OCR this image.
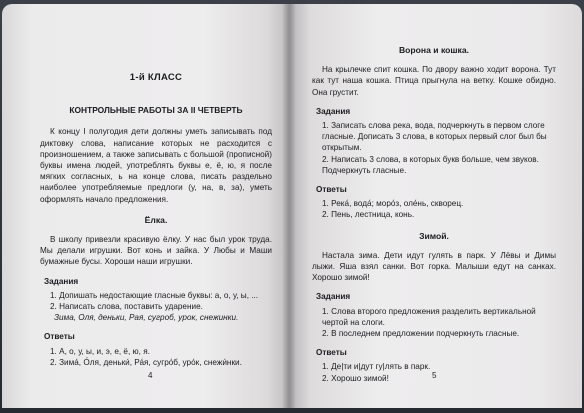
1-й КЛАСС
КОНТРОЛЬНЫЕ РАБОТЫ ЗА II ЧЕТВЕРТЬ

К концу I полугодия дети должны уметь записывать под диктовку слова, написание которых не расходится с произношением, а также записывать с большой (прописной) буквы имена людей, употреблять буквы е, ё, ю, я после мягких согласных, ь на конце слова, писать раздельно наиболее употребляемые предлоги (у, на, в, за), уметь оформлять начало предложения.

Ёлка.

В школу привезли красивую ёлку. У нас был урок труда. Мы делали игрушки. Вот конь и зайка. У Любы и Маши бумажные бусы. Хороши наши игрушки.

Задания
1. Допишать недостающие гласные буквы: а, о, у, ы, ...
2. Написать слова, поставить ударение.
Зима, Оля, деньки, Рая, сугроб, урок, снежинки.
Ответы
1. А, о, у, ы, и, э, е, ё, ю, я.
2. Зима́, О́ля, деньки́, Ра́я, сугро́б, уро́к, снежи́нки.
4
Ворона и кошка.

На крылечке спит кошка. По двору важно ходит ворона. Тут как тут наша кошка. Птица прыгнула на ветку. Кошке обидно. Она грустит.

Задания
1. Записать слова река, вода, подчеркнуть в первом слоге гласные. Дописать 3 слова, в которых первый слог был бы открытым.
2. Написать 3 слова, в которых букв больше, чем звуков. Подчеркнуть гласные.
Ответы
1. Река́, вода́; моро́з, оле́нь, скворец.
2. Пень, лестница, конь.
Зимой.

Настала зима. Дети идут гулять в парк. У Лёвы и Димы лыжи. Яша взял санки. Вот горка. Малыши едут на санках. Хорошо зимой!

Задания
1. Слова второго предложения разделить вертикальной чертой на слоги.
2. В последнем предложении подчеркнуть гласные.
Ответы
1. Де|ти и|дут гу|лять в парк.
2. Хорошо зимой!	5
